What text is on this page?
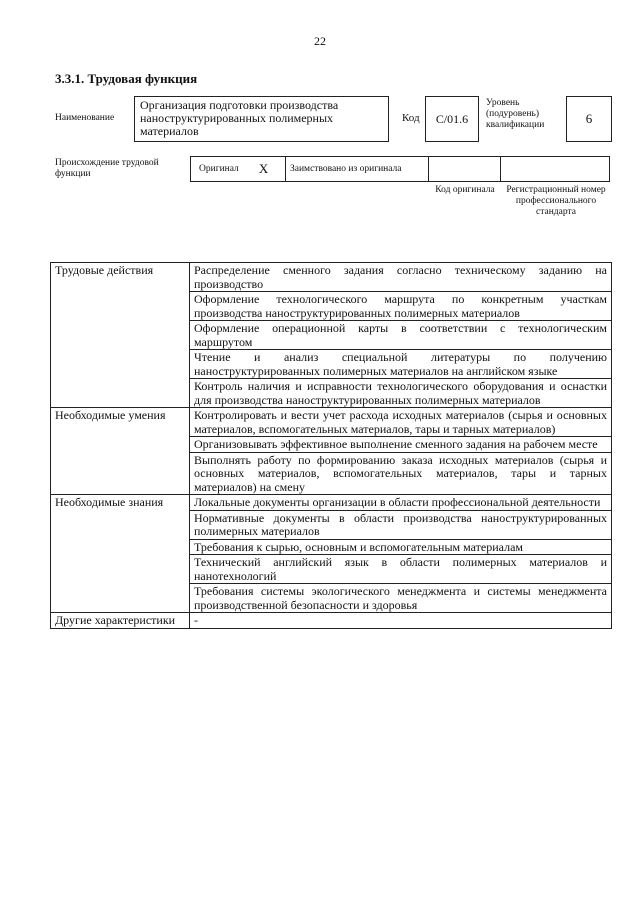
22
3.3.1. Трудовая функция
Наименование
Организация подготовки производства наноструктурированных полимерных материалов
Код С/01.6
Уровень (подуровень) квалификации	6
Происхождение трудовой функции	Оригинал X Заимствовано из оригинала
Код оригинала	Регистрационный номер профессионального стандарта
Трудовые действия	Распределение сменного задания согласно техническому заданию на производство
	Оформление технологического маршрута по конкретным участкам производства наноструктурированных полимерных материалов
	Оформление операционной карты в соответствии с технологическим маршрутом
	Чтение и анализ специальной литературы по получению наноструктурированных полимерных материалов на английском языке
	Контроль наличия и исправности технологического оборудования и оснастки для производства наноструктурированных полимерных материалов
Необходимые умения	Контролировать и вести учет расхода исходных материалов (сырья и основных материалов, вспомогательных материалов, тары и тарных материалов)
	Организовывать эффективное выполнение сменного задания на рабочем месте
	Выполнять работу по формированию заказа исходных материалов (сырья и основных материалов, вспомогательных материалов, тары и тарных материалов) на смену
Необходимые знания	Локальные документы организации в области профессиональной деятельности
	Нормативные документы в области производства наноструктурированных полимерных материалов
	Требования к сырью, основным и вспомогательным материалам
	Технический английский язык в области полимерных материалов и нанотехнологий
	Требования системы экологического менеджмента и системы менеджмента производственной безопасности и здоровья
Другие характеристики	-
